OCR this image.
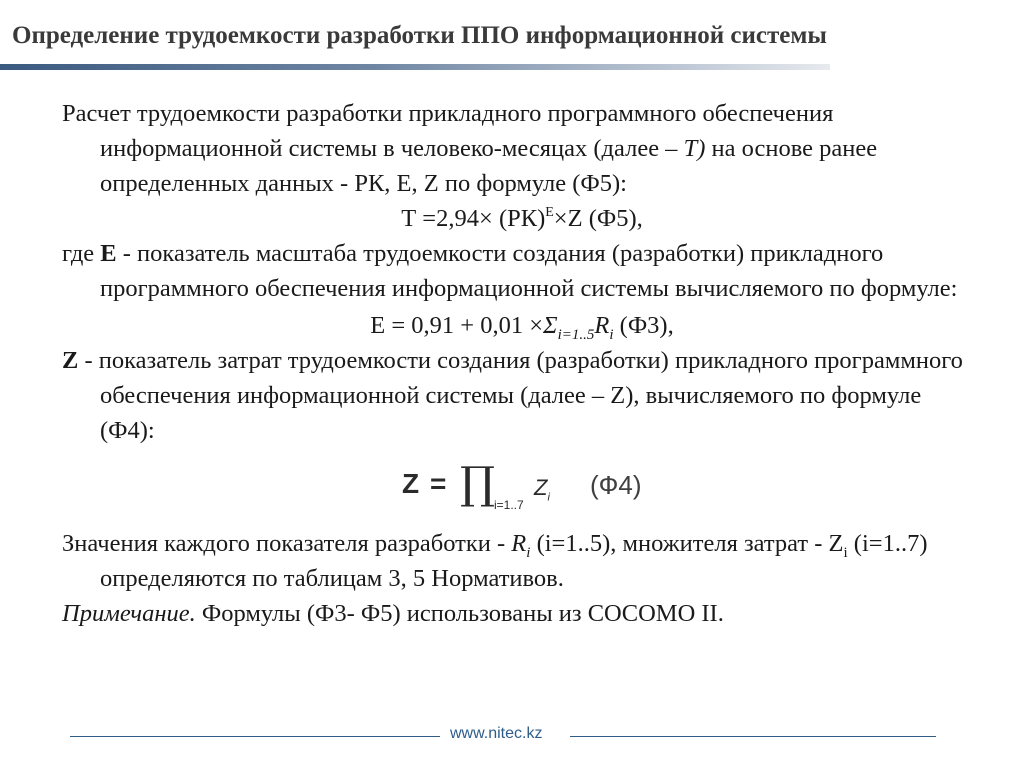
Определение трудоемкости разработки ППО информационной системы

Расчет трудоемкости разработки прикладного программного обеспечения информационной системы в человеко-месяцах (далее – Т) на основе ранее определенных данных - РК, Е, Z по формуле (Ф5):

Т =2,94× (РК)$^Е$×Z (Ф5),

где Е - показатель масштаба трудоемкости создания (разработки) прикладного программного обеспечения информационной системы вычисляемого по формуле:

$E = 0,91 + 0,01 \times\Sigma_{i=1..5}R_i$ (Ф3),

Z - показатель затрат трудоемкости создания (разработки) прикладного программного обеспечения информационной системы (далее – Z), вычисляемого по формуле (Ф4):

Z = ∏
i=1..7
$Z_i$ (Ф4)

Значения каждого показателя разработки - $R_i$ (i=1..5), множителя затрат - $Z_i$ (i=1..7) определяются по таблицам 3, 5 Нормативов.

Примечание. Формулы (Ф3- Ф5) использованы из COCOMO II.

www.nitec.kz
